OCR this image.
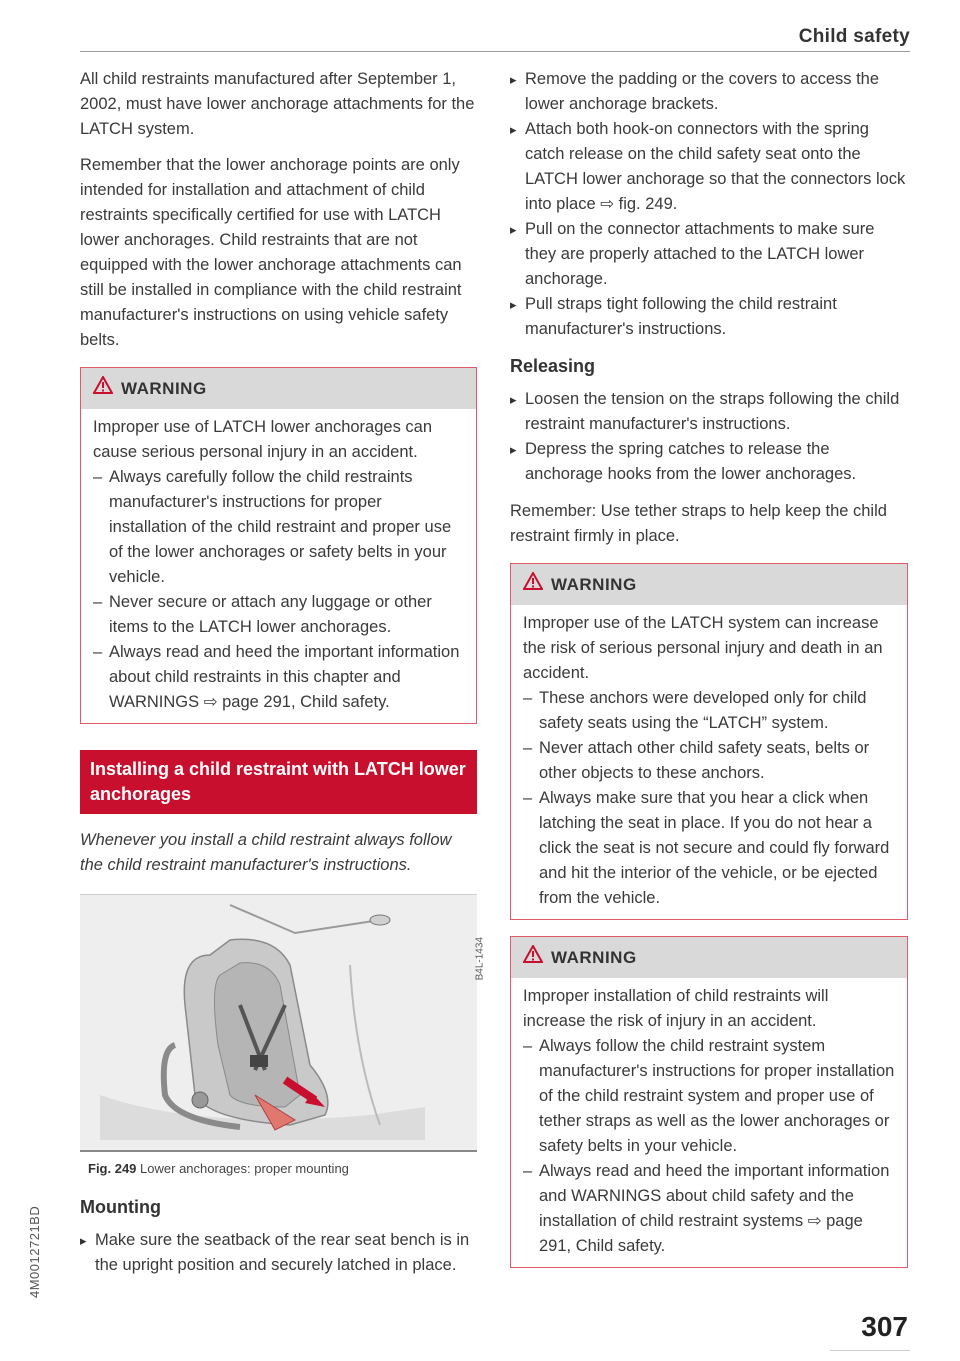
Child safety

All child restraints manufactured after September 1, 2002, must have lower anchorage attachments for the LATCH system.

Remember that the lower anchorage points are only intended for installation and attachment of child restraints specifically certified for use with LATCH lower anchorages. Child restraints that are not equipped with the lower anchorage attachments can still be installed in compliance with the child restraint manufacturer's instructions on using vehicle safety belts.

WARNING

Improper use of LATCH lower anchorages can cause serious personal injury in an accident.

– Always carefully follow the child restraints manufacturer's instructions for proper installation of the child restraint and proper use of the lower anchorages or safety belts in your vehicle.
– Never secure or attach any luggage or other items to the LATCH lower anchorages.
– Always read and heed the important information about child restraints in this chapter and WARNINGS ⇨ page 291, Child safety.
Installing a child restraint with LATCH lower anchorages

Whenever you install a child restraint always follow the child restraint manufacturer's instructions.

B4L-1434
Fig. 249 Lower anchorages: proper mounting
Mounting
▸ Make sure the seatback of the rear seat bench is in the upright position and securely latched in place.
▸ Remove the padding or the covers to access the lower anchorage brackets.
▸ Attach both hook-on connectors with the spring catch release on the child safety seat onto the LATCH lower anchorage so that the connectors lock into place ⇨ fig. 249.
▸ Pull on the connector attachments to make sure they are properly attached to the LATCH lower anchorage.
▸ Pull straps tight following the child restraint manufacturer's instructions.
Releasing
▸ Loosen the tension on the straps following the child restraint manufacturer's instructions.
▸ Depress the spring catches to release the anchorage hooks from the lower anchorages.

Remember: Use tether straps to help keep the child restraint firmly in place.

WARNING

Improper use of the LATCH system can increase the risk of serious personal injury and death in an accident.

– These anchors were developed only for child safety seats using the “LATCH” system.
– Never attach other child safety seats, belts or other objects to these anchors.
– Always make sure that you hear a click when latching the seat in place. If you do not hear a click the seat is not secure and could fly forward and hit the interior of the vehicle, or be ejected from the vehicle.
WARNING

Improper installation of child restraints will increase the risk of injury in an accident.

– Always follow the child restraint system manufacturer's instructions for proper installation of the child restraint system and proper use of tether straps as well as the lower anchorages or safety belts in your vehicle.
– Always read and heed the important information and WARNINGS about child safety and the installation of child restraint systems ⇨ page 291, Child safety.
4M0012721BD
307
